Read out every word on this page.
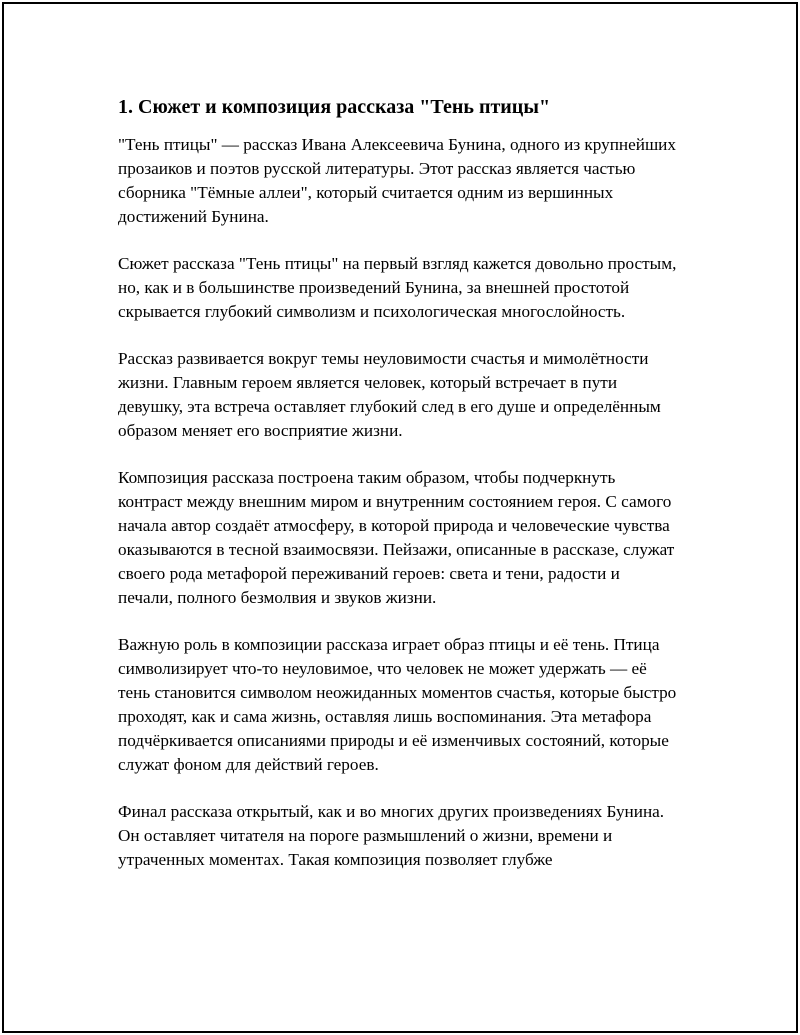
1. Сюжет и композиция рассказа "Тень птицы"

"Тень птицы" — рассказ Ивана Алексеевича Бунина, одного из крупнейших прозаиков и поэтов русской литературы. Этот рассказ является частью сборника "Тёмные аллеи", который считается одним из вершинных достижений Бунина.

Сюжет рассказа "Тень птицы" на первый взгляд кажется довольно простым, но, как и в большинстве произведений Бунина, за внешней простотой скрывается глубокий символизм и психологическая многослойность.

Рассказ развивается вокруг темы неуловимости счастья и мимолётности жизни. Главным героем является человек, который встречает в пути девушку, эта встреча оставляет глубокий след в его душе и определённым образом меняет его восприятие жизни.

Композиция рассказа построена таким образом, чтобы подчеркнуть контраст между внешним миром и внутренним состоянием героя. С самого начала автор создаёт атмосферу, в которой природа и человеческие чувства оказываются в тесной взаимосвязи. Пейзажи, описанные в рассказе, служат своего рода метафорой переживаний героев: света и тени, радости и печали, полного безмолвия и звуков жизни.

Важную роль в композиции рассказа играет образ птицы и её тень. Птица символизирует что-то неуловимое, что человек не может удержать — её тень становится символом неожиданных моментов счастья, которые быстро проходят, как и сама жизнь, оставляя лишь воспоминания. Эта метафора подчёркивается описаниями природы и её изменчивых состояний, которые служат фоном для действий героев.

Финал рассказа открытый, как и во многих других произведениях Бунина. Он оставляет читателя на пороге размышлений о жизни, времени и утраченных моментах. Такая композиция позволяет глубже
